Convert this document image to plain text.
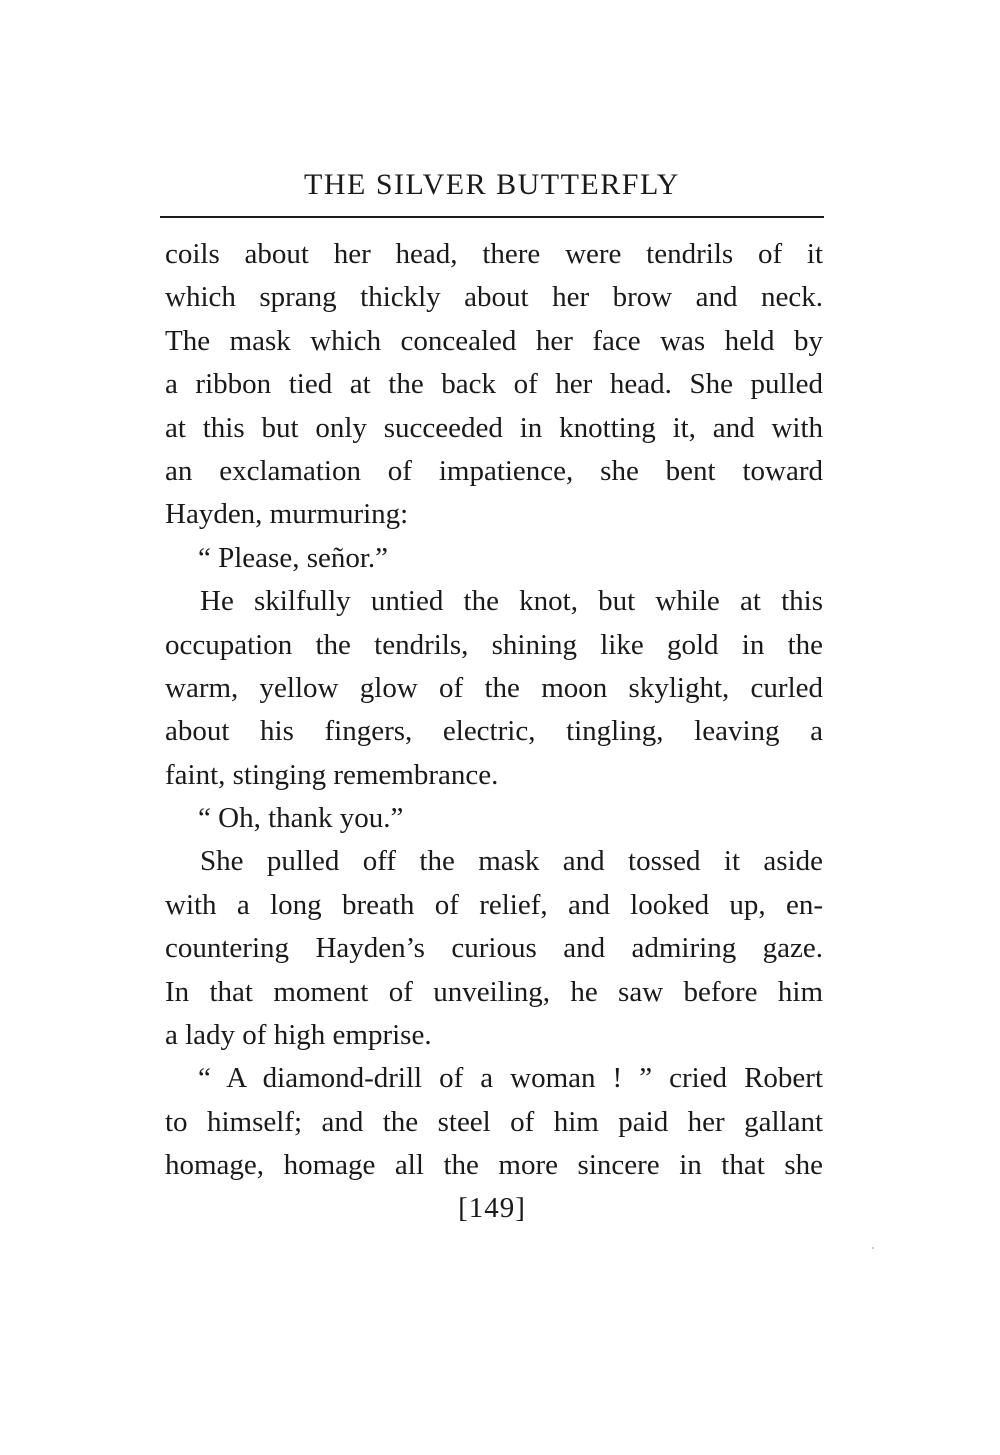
THE SILVER BUTTERFLY
coils about her head, there were tendrils of it
which sprang thickly about her brow and neck.
The mask which concealed her face was held by
a ribbon tied at the back of her head. She pulled
at this but only succeeded in knotting it, and with
an exclamation of impatience, she bent toward
Hayden, murmuring:
“ Please, señor.”
He skilfully untied the knot, but while at this
occupation the tendrils, shining like gold in the
warm, yellow glow of the moon skylight, curled
about his fingers, electric, tingling, leaving a
faint, stinging remembrance.
“ Oh, thank you.”
She pulled off the mask and tossed it aside
with a long breath of relief, and looked up, en-
countering Hayden’s curious and admiring gaze.
In that moment of unveiling, he saw before him
a lady of high emprise.
“ A diamond-drill of a woman ! ” cried Robert
to himself; and the steel of him paid her gallant
homage, homage all the more sincere in that she
[149]
